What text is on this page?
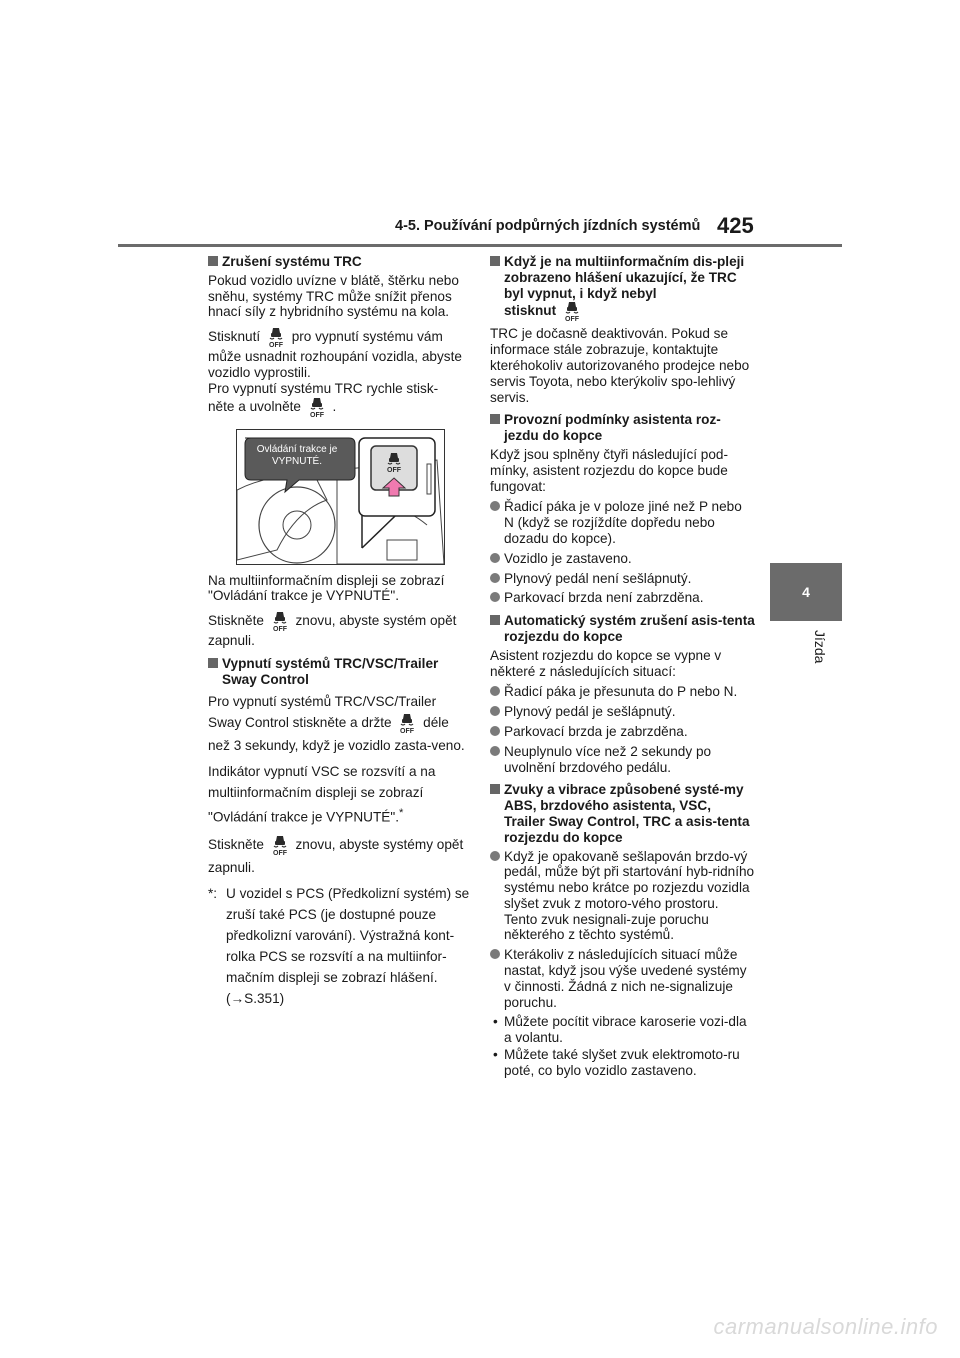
4-5. Používání podpůrných jízdních systémů 425
4
Jízda
Zrušení systému TRC

Pokud vozidlo uvízne v blátě, štěrku nebo sněhu, systémy TRC může snížit přenos hnací síly z hybridního systému na kola.

Stisknutí pro vypnutí systému vám může usnadnit rozhoupání vozidla, abyste vozidlo vyprostili.
Pro vypnutí systému TRC rychle stisk-
něte a uvolněte .

Ovládání trakce je VYPNUTÉ.

Na multiinformačním displeji se zobrazí "Ovládání trakce je VYPNUTÉ".

Stiskněte znovu, abyste systém opět zapnuli.

Vypnutí systémů TRC/VSC/Trailer Sway Control

Pro vypnutí systémů TRC/VSC/Trailer
Sway Control stiskněte a držte déle než 3 sekundy, když je vozidlo zasta-veno.

Indikátor vypnutí VSC se rozsvítí a na
multiinformačním displeji se zobrazí
"Ovládání trakce je VYPNUTÉ".*

Stiskněte znovu, abyste systémy opět zapnuli.

*: U vozidel s PCS (Předkolizní systém) se zruší také PCS (je dostupné pouze předkolizní varování). Výstražná kont-rolka PCS se rozsvítí a na multiinfor-mačním displeji se zobrazí hlášení.
(→S.351)
Když je na multiinformačním dis-pleji zobrazeno hlášení ukazující, že TRC byl vypnut, i když nebyl
stisknut

TRC je dočasně deaktivován. Pokud se informace stále zobrazuje, kontaktujte kteréhokoliv autorizovaného prodejce nebo servis Toyota, nebo kterýkoliv spo-lehlivý servis.

Provozní podmínky asistenta roz-jezdu do kopce

Když jsou splněny čtyři následující pod-mínky, asistent rozjezdu do kopce bude fungovat:

Řadicí páka je v poloze jiné než P nebo N (když se rozjíždíte dopředu nebo dozadu do kopce).
Vozidlo je zastaveno.
Plynový pedál není sešlápnutý.
Parkovací brzda není zabrzděna.
Automatický systém zrušení asis-tenta rozjezdu do kopce

Asistent rozjezdu do kopce se vypne v některé z následujících situací:

Řadicí páka je přesunuta do P nebo N.
Plynový pedál je sešlápnutý.
Parkovací brzda je zabrzděna.
Neuplynulo více než 2 sekundy po uvolnění brzdového pedálu.
Zvuky a vibrace způsobené systé-my ABS, brzdového asistenta, VSC, Trailer Sway Control, TRC a asis-tenta rozjezdu do kopce
Když je opakovaně sešlapován brzdo-vý pedál, může být při startování hyb-ridního systému nebo krátce po rozjezdu vozidla slyšet zvuk z motoro-vého prostoru. Tento zvuk nesignali-zuje poruchu některého z těchto systémů.
Kterákoliv z následujících situací může nastat, když jsou výše uvedené systémy v činnosti. Žádná z nich ne-signalizuje poruchu.
• Můžete pocítit vibrace karoserie vozi-dla a volantu.
• Můžete také slyšet zvuk elektromoto-ru poté, co bylo vozidlo zastaveno.
carmanualsonline.info
